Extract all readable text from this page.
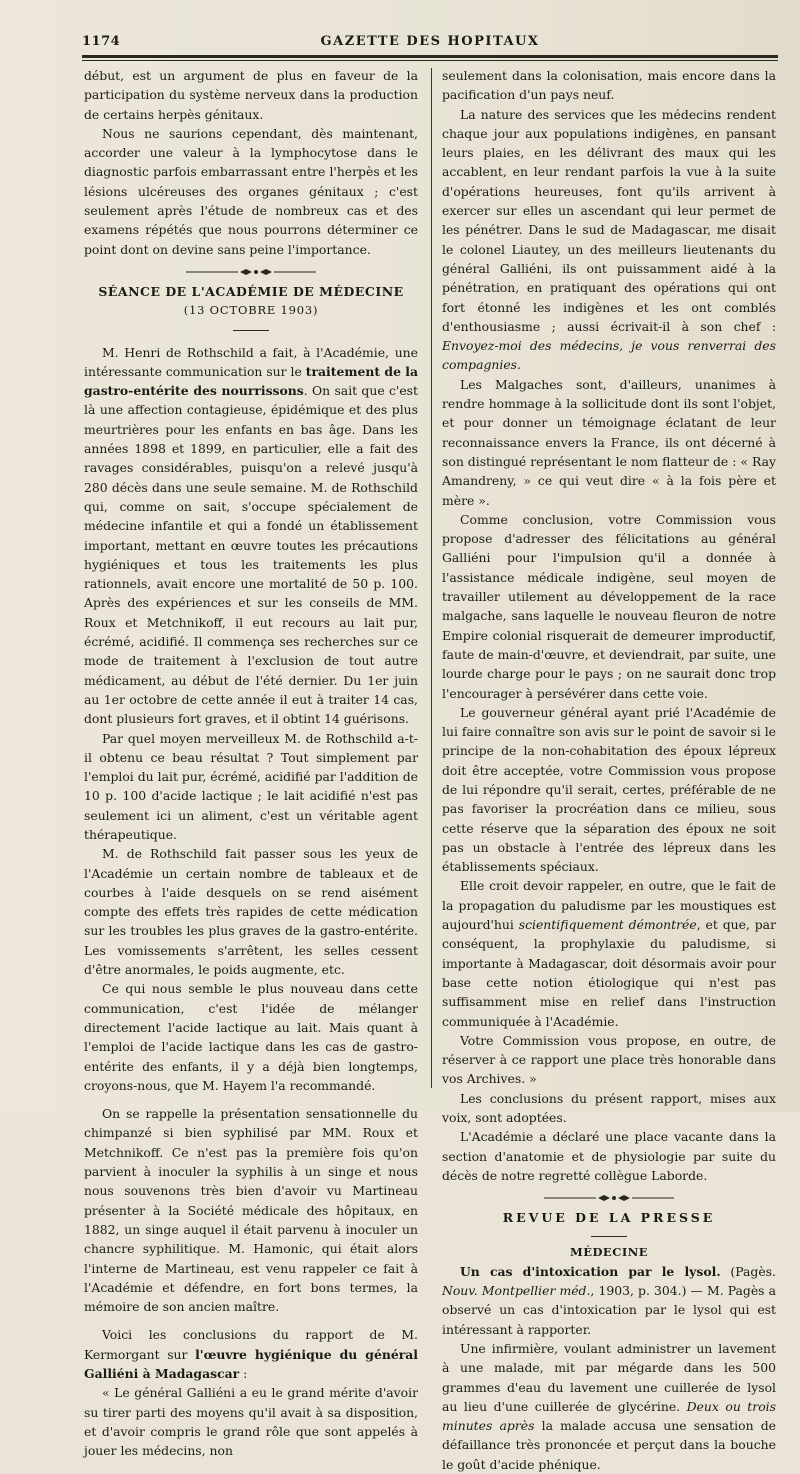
1174	GAZETTE DES HOPITAUX

début, est un argument de plus en faveur de la participation du système nerveux dans la production de certains herpès génitaux.

Nous ne saurions cependant, dès maintenant, accorder une valeur à la lymphocytose dans le diagnostic parfois embarrassant entre l'herpès et les lésions ulcéreuses des organes génitaux ; c'est seulement après l'étude de nombreux cas et des examens répétés que nous pourrons déterminer ce point dont on devine sans peine l'importance.

SÉANCE DE L'ACADÉMIE DE MÉDECINE
(13 OCTOBRE 1903)

M. Henri de Rothschild a fait, à l'Académie, une intéressante communication sur le traitement de la gastro-entérite des nourrissons. On sait que c'est là une affection contagieuse, épidémique et des plus meurtrières pour les enfants en bas âge. Dans les années 1898 et 1899, en particulier, elle a fait des ravages considérables, puisqu'on a relevé jusqu'à 280 décès dans une seule semaine. M. de Rothschild qui, comme on sait, s'occupe spécialement de médecine infantile et qui a fondé un établissement important, mettant en œuvre toutes les précautions hygiéniques et tous les traitements les plus rationnels, avait encore une mortalité de 50 p. 100. Après des expériences et sur les conseils de MM. Roux et Metchnikoff, il eut recours au lait pur, écrémé, acidifié. Il commença ses recherches sur ce mode de traitement à l'exclusion de tout autre médicament, au début de l'été dernier. Du 1er juin au 1er octobre de cette année il eut à traiter 14 cas, dont plusieurs fort graves, et il obtint 14 guérisons.

Par quel moyen merveilleux M. de Rothschild a-t-il obtenu ce beau résultat ? Tout simplement par l'emploi du lait pur, écrémé, acidifié par l'addition de 10 p. 100 d'acide lactique ; le lait acidifié n'est pas seulement ici un aliment, c'est un véritable agent thérapeutique.

M. de Rothschild fait passer sous les yeux de l'Académie un certain nombre de tableaux et de courbes à l'aide desquels on se rend aisément compte des effets très rapides de cette médication sur les troubles les plus graves de la gastro-entérite. Les vomissements s'arrêtent, les selles cessent d'être anormales, le poids augmente, etc.

Ce qui nous semble le plus nouveau dans cette communication, c'est l'idée de mélanger directement l'acide lactique au lait. Mais quant à l'emploi de l'acide lactique dans les cas de gastro-entérite des enfants, il y a déjà bien longtemps, croyons-nous, que M. Hayem l'a recommandé.

On se rappelle la présentation sensationnelle du chimpanzé si bien syphilisé par MM. Roux et Metchnikoff. Ce n'est pas la première fois qu'on parvient à inoculer la syphilis à un singe et nous nous souvenons très bien d'avoir vu Martineau présenter à la Société médicale des hôpitaux, en 1882, un singe auquel il était parvenu à inoculer un chancre syphilitique. M. Hamonic, qui était alors l'interne de Martineau, est venu rappeler ce fait à l'Académie et défendre, en fort bons termes, la mémoire de son ancien maître.

Voici les conclusions du rapport de M. Kermorgant sur l'œuvre hygiénique du général Galliéni à Madagascar :

« Le général Galliéni a eu le grand mérite d'avoir su tirer parti des moyens qu'il avait à sa disposition, et d'avoir compris le grand rôle que sont appelés à jouer les médecins, non

seulement dans la colonisation, mais encore dans la pacification d'un pays neuf.

La nature des services que les médecins rendent chaque jour aux populations indigènes, en pansant leurs plaies, en les délivrant des maux qui les accablent, en leur rendant parfois la vue à la suite d'opérations heureuses, font qu'ils arrivent à exercer sur elles un ascendant qui leur permet de les pénétrer. Dans le sud de Madagascar, me disait le colonel Liautey, un des meilleurs lieutenants du général Galliéni, ils ont puissamment aidé à la pénétration, en pratiquant des opérations qui ont fort étonné les indigènes et les ont comblés d'enthousiasme ; aussi écrivait-il à son chef : Envoyez-moi des médecins, je vous renverrai des compagnies.

Les Malgaches sont, d'ailleurs, unanimes à rendre hommage à la sollicitude dont ils sont l'objet, et pour donner un témoignage éclatant de leur reconnaissance envers la France, ils ont décerné à son distingué représentant le nom flatteur de : « Ray Amandreny, » ce qui veut dire « à la fois père et mère ».

Comme conclusion, votre Commission vous propose d'adresser des félicitations au général Galliéni pour l'impulsion qu'il a donnée à l'assistance médicale indigène, seul moyen de travailler utilement au développement de la race malgache, sans laquelle le nouveau fleuron de notre Empire colonial risquerait de demeurer improductif, faute de main-d'œuvre, et deviendrait, par suite, une lourde charge pour le pays ; on ne saurait donc trop l'encourager à persévérer dans cette voie.

Le gouverneur général ayant prié l'Académie de lui faire connaître son avis sur le point de savoir si le principe de la non-cohabitation des époux lépreux doit être acceptée, votre Commission vous propose de lui répondre qu'il serait, certes, préférable de ne pas favoriser la procréation dans ce milieu, sous cette réserve que la séparation des époux ne soit pas un obstacle à l'entrée des lépreux dans les établissements spéciaux.

Elle croit devoir rappeler, en outre, que le fait de la propagation du paludisme par les moustiques est aujourd'hui scientifiquement démontrée, et que, par conséquent, la prophylaxie du paludisme, si importante à Madagascar, doit désormais avoir pour base cette notion étiologique qui n'est pas suffisamment mise en relief dans l'instruction communiquée à l'Académie.

Votre Commission vous propose, en outre, de réserver à ce rapport une place très honorable dans vos Archives. »

Les conclusions du présent rapport, mises aux voix, sont adoptées.

L'Académie a déclaré une place vacante dans la section d'anatomie et de physiologie par suite du décès de notre regretté collègue Laborde.

REVUE DE LA PRESSE
MÉDECINE

Un cas d'intoxication par le lysol. (Pagès. Nouv. Montpellier méd., 1903, p. 304.) — M. Pagès a observé un cas d'intoxication par le lysol qui est intéressant à rapporter.

Une infirmière, voulant administrer un lavement à une malade, mit par mégarde dans les 500 grammes d'eau du lavement une cuillerée de lysol au lieu d'une cuillerée de glycérine. Deux ou trois minutes après la malade accusa une sensation de défaillance très prononcée et perçut dans la bouche le goût d'acide phénique.
